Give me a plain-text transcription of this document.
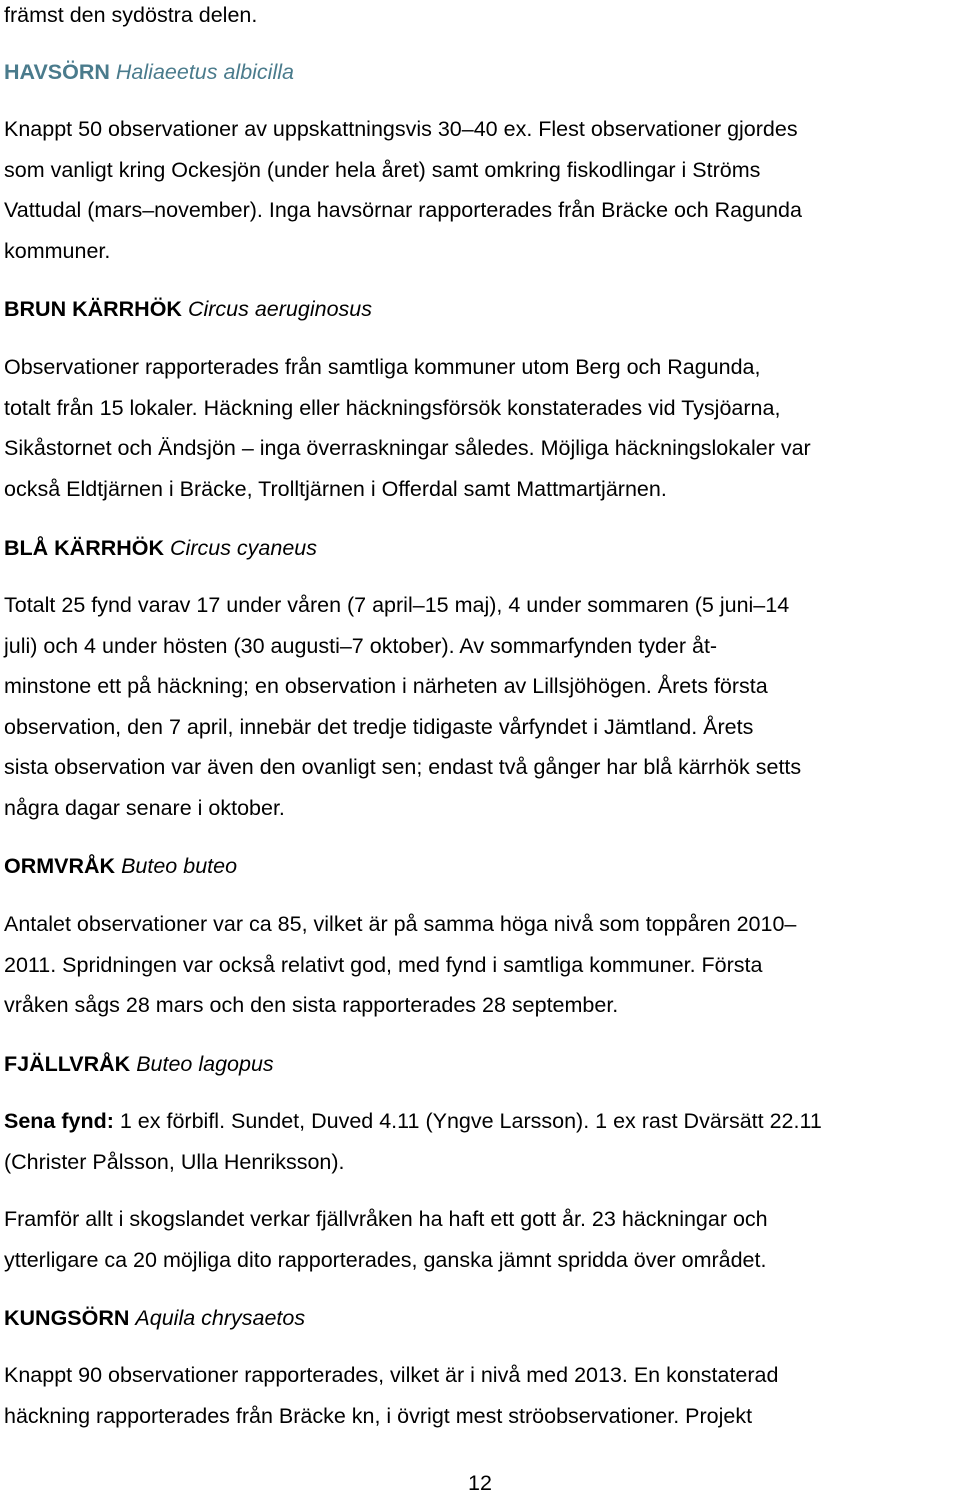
främst den sydöstra delen.

HAVSÖRN Haliaeetus albicilla

Knappt 50 observationer av uppskattningsvis 30–40 ex. Flest observationer gjordes

som vanligt kring Ockesjön (under hela året) samt omkring fiskodlingar i Ströms

Vattudal (mars–november). Inga havsörnar rapporterades från Bräcke och Ragunda

kommuner.

BRUN KÄRRHÖK Circus aeruginosus

Observationer rapporterades från samtliga kommuner utom Berg och Ragunda,

totalt från 15 lokaler. Häckning eller häckningsförsök konstaterades vid Tysjöarna,

Sikåstornet och Ändsjön – inga överraskningar således. Möjliga häckningslokaler var

också Eldtjärnen i Bräcke, Trolltjärnen i Offerdal samt Mattmartjärnen.

BLÅ KÄRRHÖK Circus cyaneus

Totalt 25 fynd varav 17 under våren (7 april–15 maj), 4 under sommaren (5 juni–14

juli) och 4 under hösten (30 augusti–7 oktober). Av sommarfynden tyder åt-

minstone ett på häckning; en observation i närheten av Lillsjöhögen. Årets första

observation, den 7 april, innebär det tredje tidigaste vårfyndet i Jämtland. Årets

sista observation var även den ovanligt sen; endast två gånger har blå kärrhök setts

några dagar senare i oktober.

ORMVRÅK Buteo buteo

Antalet observationer var ca 85, vilket är på samma höga nivå som toppåren 2010–

2011. Spridningen var också relativt god, med fynd i samtliga kommuner. Första

vråken sågs 28 mars och den sista rapporterades 28 september.

FJÄLLVRÅK Buteo lagopus

Sena fynd: 1 ex förbifl. Sundet, Duved 4.11 (Yngve Larsson). 1 ex rast Dvärsätt 22.11

(Christer Pålsson, Ulla Henriksson).

Framför allt i skogslandet verkar fjällvråken ha haft ett gott år. 23 häckningar och

ytterligare ca 20 möjliga dito rapporterades, ganska jämnt spridda över området.

KUNGSÖRN Aquila chrysaetos

Knappt 90 observationer rapporterades, vilket är i nivå med 2013. En konstaterad

häckning rapporterades från Bräcke kn, i övrigt mest ströobservationer. Projekt

12
